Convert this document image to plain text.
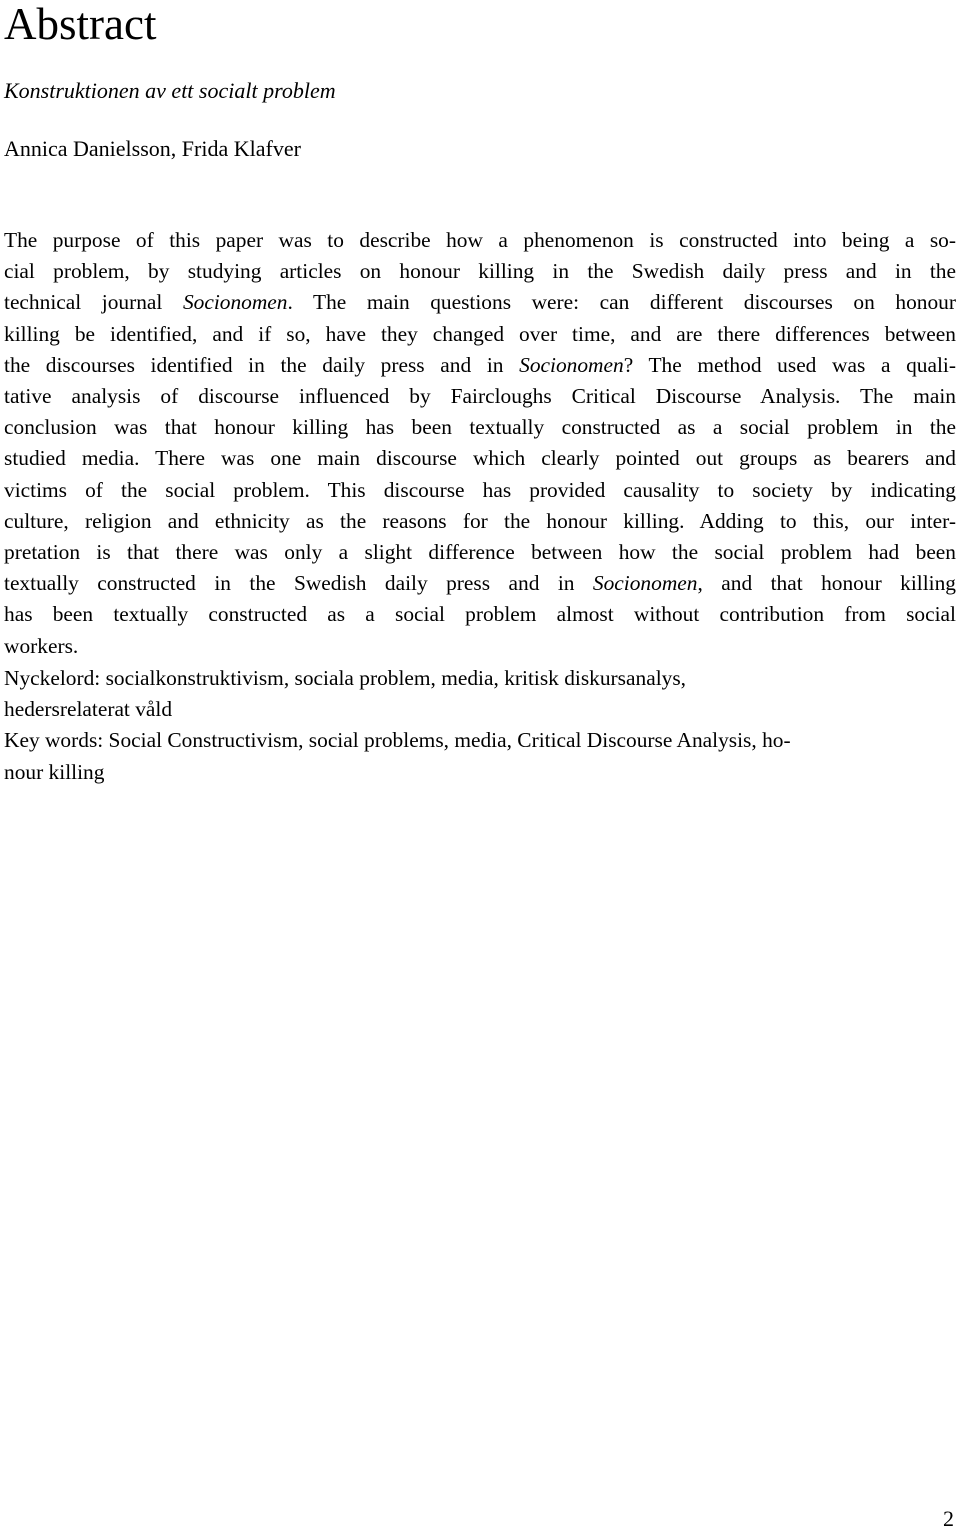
Abstract

Konstruktionen av ett socialt problem

Annica Danielsson, Frida Klafver

The purpose of this paper was to describe how a phenomenon is constructed into being a so-
cial problem, by studying articles on honour killing in the Swedish daily press and in the
technical journal Socionomen. The main questions were: can different discourses on honour
killing be identified, and if so, have they changed over time, and are there differences between
the discourses identified in the daily press and in Socionomen? The method used was a quali-
tative analysis of discourse influenced by Faircloughs Critical Discourse Analysis. The main
conclusion was that honour killing has been textually constructed as a social problem in the
studied media. There was one main discourse which clearly pointed out groups as bearers and
victims of the social problem. This discourse has provided causality to society by indicating
culture, religion and ethnicity as the reasons for the honour killing. Adding to this, our inter-
pretation is that there was only a slight difference between how the social problem had been
textually constructed in the Swedish daily press and in Socionomen, and that honour killing
has been textually constructed as a social problem almost without contribution from social
workers.
Nyckelord: socialkonstruktivism, sociala problem, media, kritisk diskursanalys,
hedersrelaterat våld
Key words: Social Constructivism, social problems, media, Critical Discourse Analysis, ho-
nour killing
2
